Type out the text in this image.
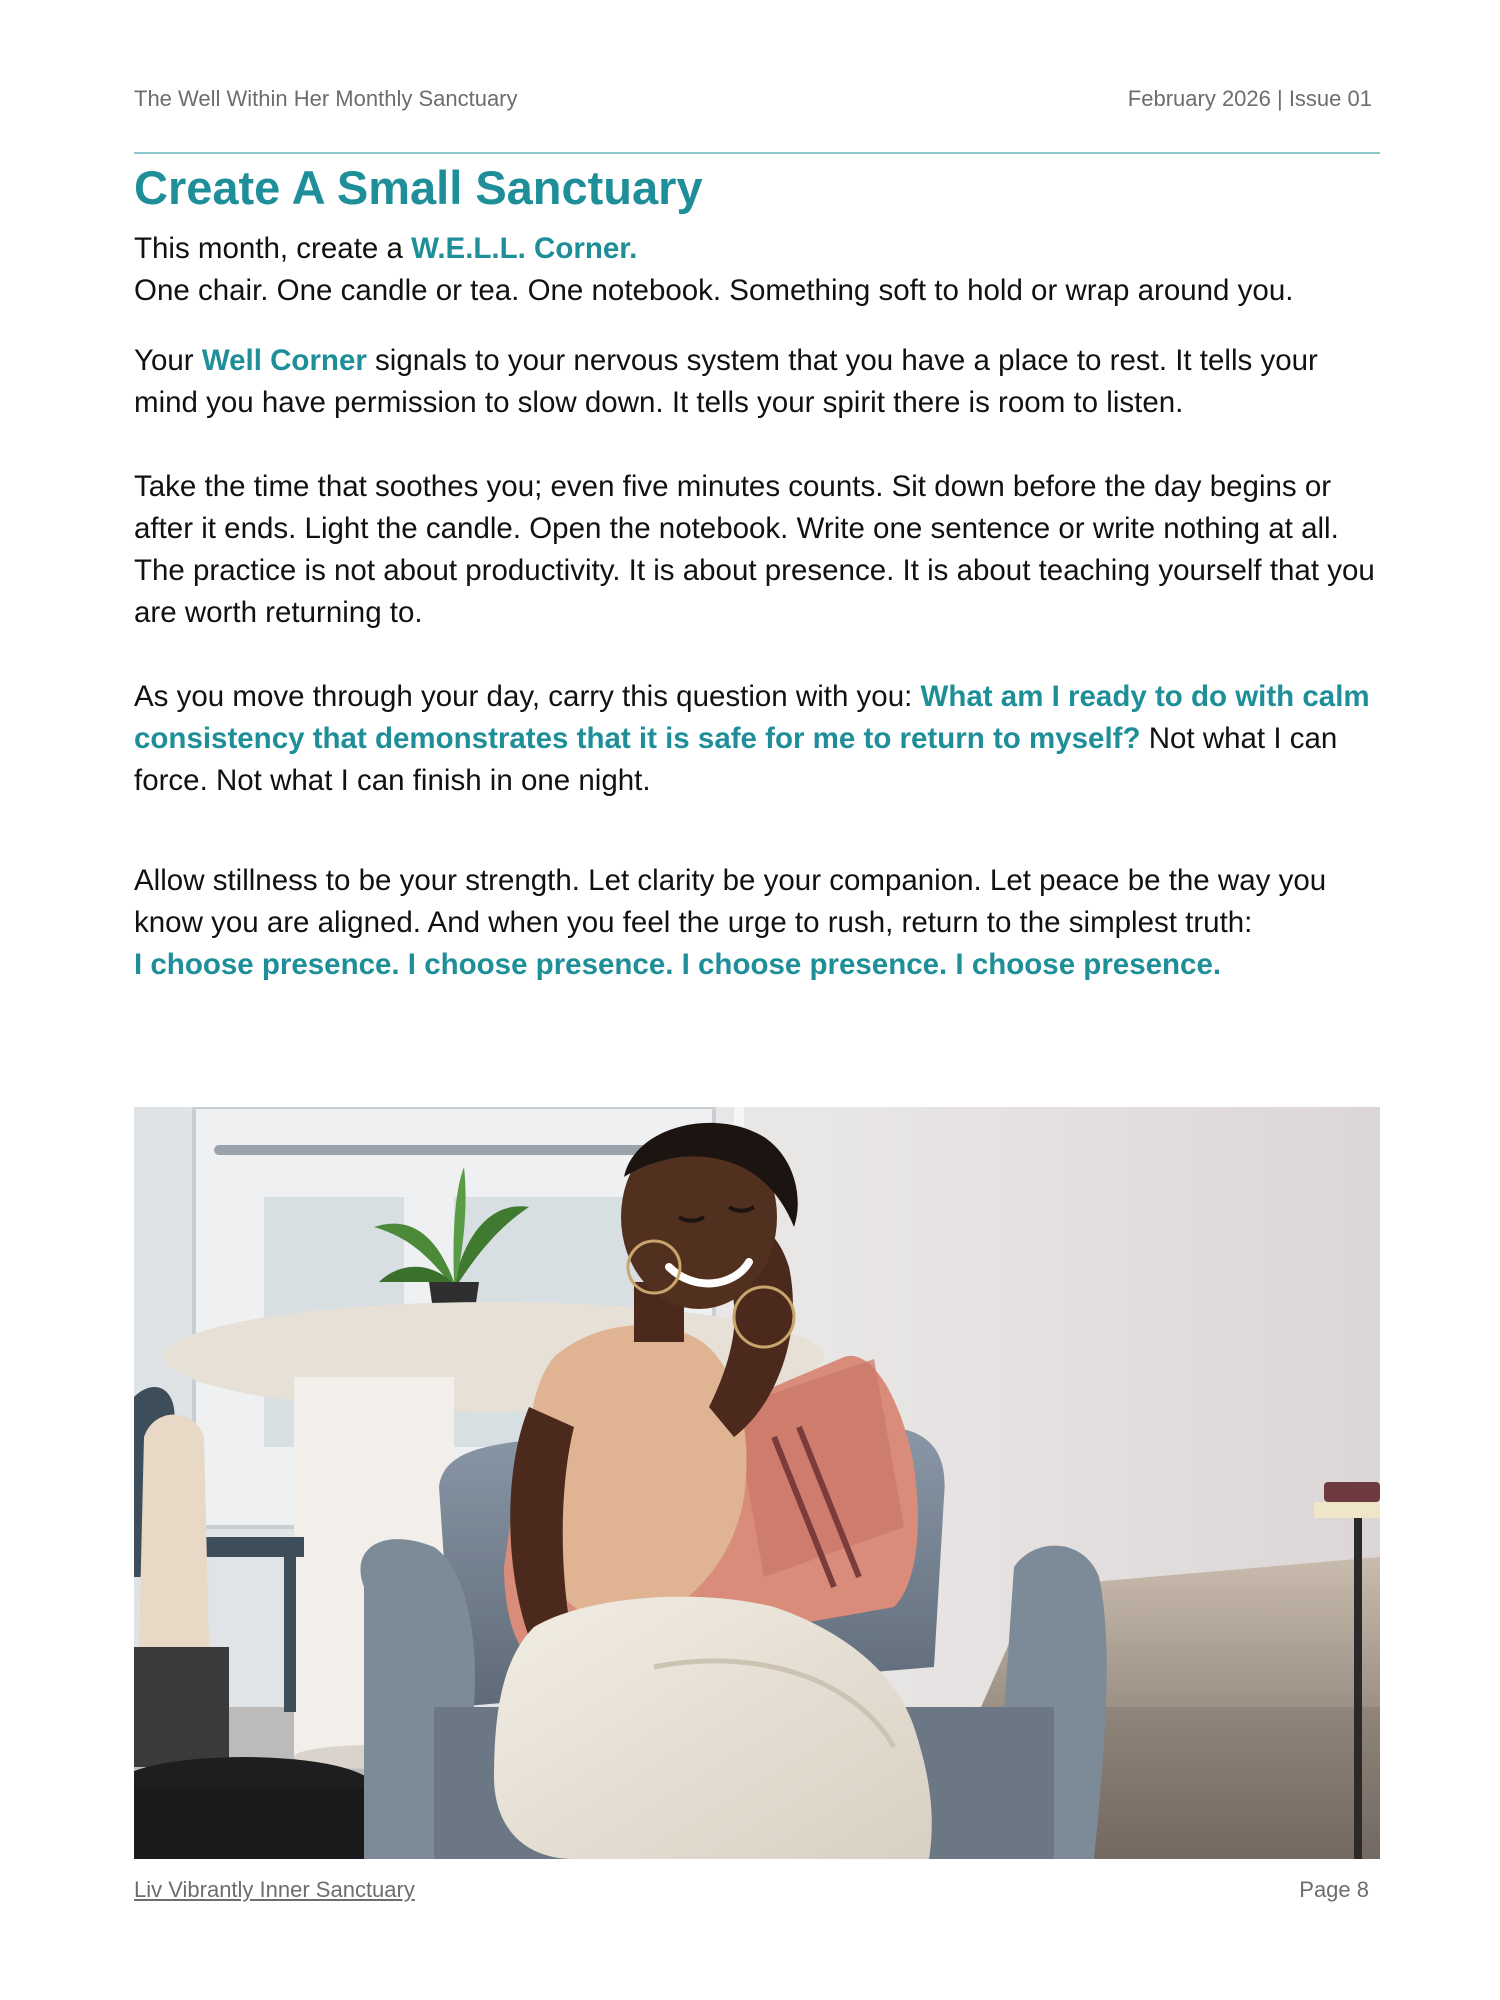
The Well Within Her Monthly Sanctuary	February 2026 | Issue 01
Create A Small Sanctuary

This month, create a W.E.L.L. Corner.
One chair. One candle or tea. One notebook. Something soft to hold or wrap around you.

Your Well Corner signals to your nervous system that you have a place to rest. It tells your mind you have permission to slow down. It tells your spirit there is room to listen.

Take the time that soothes you; even five minutes counts. Sit down before the day begins or after it ends. Light the candle. Open the notebook. Write one sentence or write nothing at all. The practice is not about productivity. It is about presence. It is about teaching yourself that you are worth returning to.

As you move through your day, carry this question with you: What am I ready to do with calm consistency that demonstrates that it is safe for me to return to myself? Not what I can force. Not what I can finish in one night.

Allow stillness to be your strength. Let clarity be your companion. Let peace be the way you know you are aligned. And when you feel the urge to rush, return to the simplest truth:
I choose presence. I choose presence. I choose presence. I choose presence.

Liv Vibrantly Inner Sanctuary	Page 8
